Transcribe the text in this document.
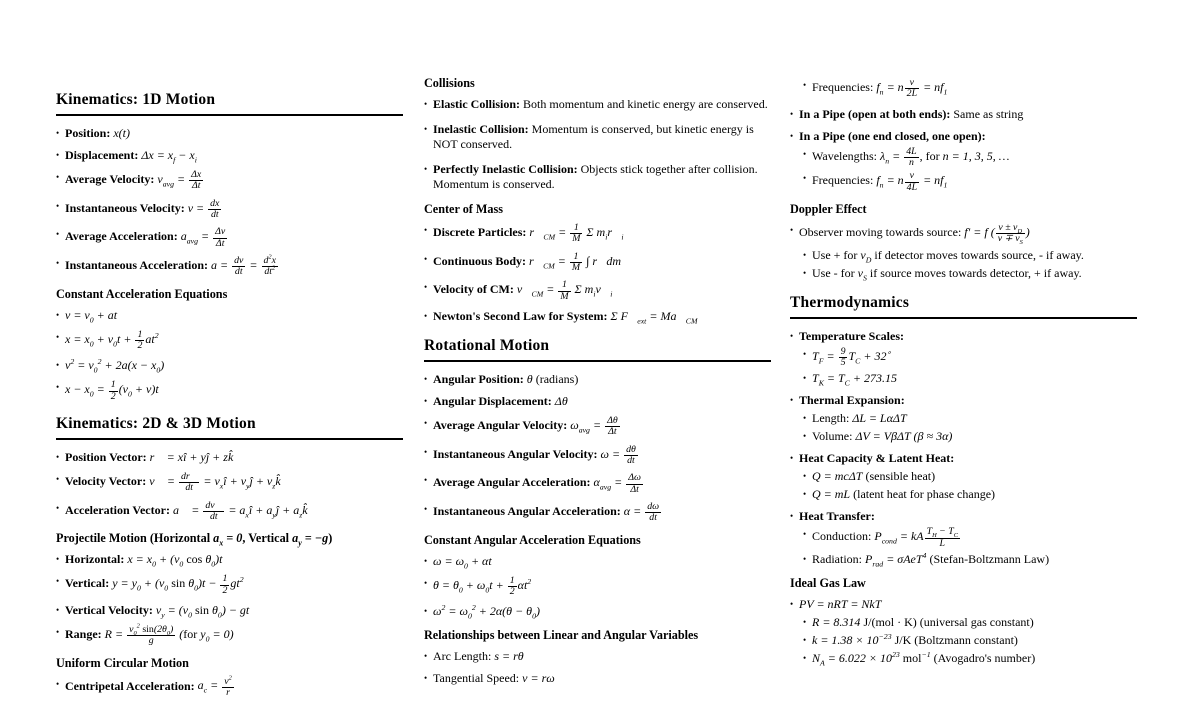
Kinematics: 1D Motion
• Position: x(t)
• Displacement: $\Delta x = x_f - x_i$
• Average Velocity: $v_{avg} = \frac{\Delta x}{\Delta t}$
• Instantaneous Velocity: $v = \frac{dx}{dt}$
• Average Acceleration: $a_{avg} = \frac{\Delta v}{\Delta t}$
• Instantaneous Acceleration: $a = \frac{dv}{dt} = \frac{d^2x}{dt^2}$
Constant Acceleration Equations
• $v = v_0$ + at
• $x = x_0 + v_0t + \frac{1}{2} at^2$
• $v^2 = v_0^2 + 2a(x - x_0)$
• $x - x_0 = \frac{1}{2} (v_0 + v)t$
Kinematics: 2D & 3D Motion
• Position Vector: r⃗ = xî + yĵ + zk̂
• Velocity Vector: v⃗ = $\frac{dr⃗}{dt}$ = $v_xî$ + $v_yĵ$ + $v_zk̂$
• Acceleration Vector: a⃗ = $\frac{dv⃗}{dt}$ = $a_xî$ + $a_yĵ$ + $a_zk̂$
Projectile Motion (Horizontal $a_x = 0$, Vertical $a_y = -g$)
• Horizontal: $x = x_0 + (v_0$ $\cos \theta_0)t$
• Vertical: $y = y_0 + (v_0$ $\sin \theta_0)t - \frac{1}{2} gt^2$
• Vertical Velocity: $v_y = (v_0$ $\sin \theta_0$) − gt
• Range: $R = \frac{v_0^2 \sin(2\theta_0)}{g} (for$ $y_0 = 0$)
Uniform Circular Motion
• Centripetal Acceleration: $a_c = \frac{v^2}{r}$
Collisions
• Elastic Collision: Both momentum and kinetic energy are conserved.
• Inelastic Collision: Momentum is conserved, but kinetic energy is NOT conserved.
• Perfectly Inelastic Collision: Objects stick together after collision. Momentum is conserved.
Center of Mass
• Discrete Particles: $r⃗_{CM} = \frac{1}{M}$ Σ $m_ir⃗_i$
• Continuous Body: $r⃗_{CM} = \frac{1}{M}$ ∫ r⃗dm
• Velocity of CM: $v⃗_{CM} = \frac{1}{M}$ Σ $m_iv⃗_i$
• Newton's Second Law for System: Σ $F⃗_{ext}$ = $Ma⃗_{CM}$
Rotational Motion
• Angular Position: θ (radians)
• Angular Displacement: Δθ
• Average Angular Velocity: $\omega_{avg} = \frac{\Delta\theta}{\Delta t}$
• Instantaneous Angular Velocity: $\omega = \frac{d\theta}{dt}$
• Average Angular Acceleration: $\alpha_{avg} = \frac{\Delta\omega}{\Delta t}$
• Instantaneous Angular Acceleration: $\alpha = \frac{d\omega}{dt}$
Constant Angular Acceleration Equations
• $\omega = \omega_0 + \alpha t$
• $\theta = \theta_0 + \omega_0t + \frac{1}{2} \alpha t^2$
• $\omega^2 = \omega_0^2 + 2\alpha(\theta - \theta_0)$
Relationships between Linear and Angular Variables
• Arc Length: s = rθ
• Tangential Speed: v = rω
• Frequencies: $f_n = n \frac{v}{2L} = nf_1$
• In a Pipe (open at both ends): Same as string
• In a Pipe (one end closed, one open):
• Wavelengths: $\lambda_n = \frac{4L}{n}$ , for n = 1, 3, 5, …
• Frequencies: $f_n = n \frac{v}{4L} = nf_1$
Doppler Effect
• Observer moving towards source: f′ = f ( $\frac{v \pm v_D}{v \mp v_S}$ )
• Use + for $v_D$ if detector moves towards source, - if away.
• Use - for $v_S$ if source moves towards detector, + if away.
Thermodynamics
• Temperature Scales:
• $T_F = \frac{9}{5} T_C + 32^\circ$
• $T_K = T_C + 273.15$
• Thermal Expansion:
• Length: ΔL = LαΔT
• Volume: ΔV = VβΔT (β ≈ 3α)
• Heat Capacity & Latent Heat:
• Q = mcΔT (sensible heat)
• Q = mL (latent heat for phase change)
• Heat Transfer:
• Conduction: $P_{cond}$ = kA $\frac{T_H - T_C}{L}$
• Radiation: $P_{rad} = \sigma AeT^4$ (Stefan-Boltzmann Law)
Ideal Gas Law
• PV = nRT = NkT
• R = 8.314 J/(mol · K) (universal gas constant)
• $k = 1.38 \times 10^{-23}$ J/K (Boltzmann constant)
• $N_A = 6.022 \times 10^{23}$ mol$^{-1}$ (Avogadro's number)
